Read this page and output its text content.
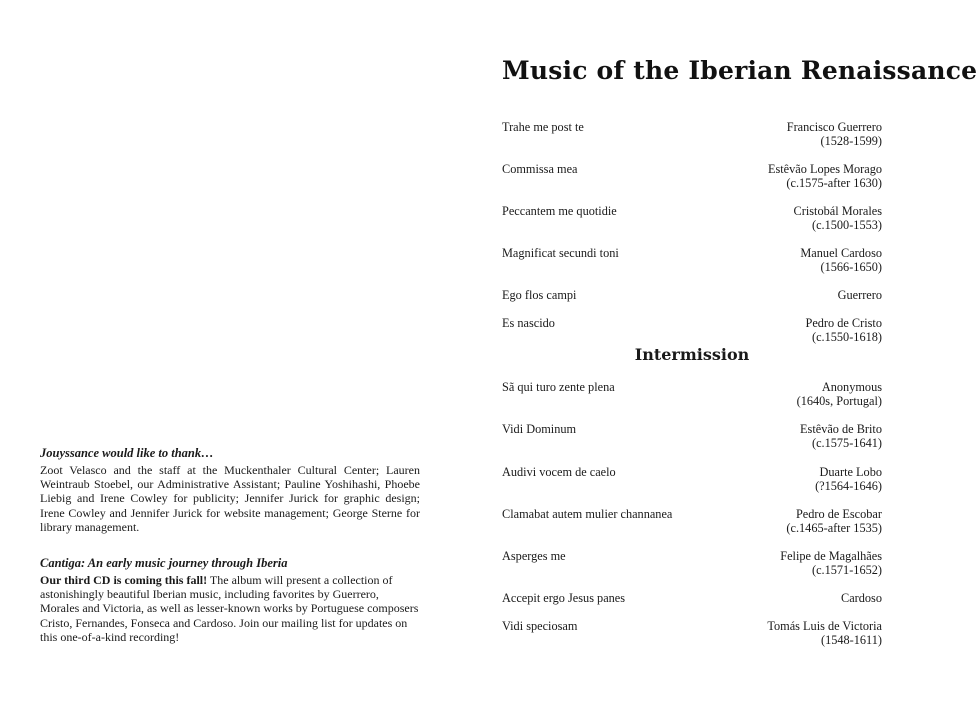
Jouyssance would like to thank…

Zoot Velasco and the staff at the Muckenthaler Cultural Center; Lauren Weintraub Stoebel, our Administrative Assistant; Pauline Yoshihashi, Phoebe Liebig and Irene Cowley for publicity; Jennifer Jurick for graphic design; Irene Cowley and Jennifer Jurick for website management; George Sterne for library management.

Cantiga: An early music journey through Iberia

Our third CD is coming this fall! The album will present a collection of astonishingly beautiful Iberian music, including favorites by Guerrero, Morales and Victoria, as well as lesser-known works by Portuguese composers Cristo, Fernandes, Fonseca and Cardoso. Join our mailing list for updates on this one-of-a-kind recording!

Music of the Iberian Renaissance
Trahe me post te	Francisco Guerrero
(1528-1599)
Commissa mea	Estêvão Lopes Morago
(c.1575-after 1630)
Peccantem me quotidie	Cristobál Morales
(c.1500-1553)
Magnificat secundi toni	Manuel Cardoso
(1566-1650)
Ego flos campi	Guerrero
Es nascido	Pedro de Cristo
(c.1550-1618)
Intermission
Sã qui turo zente plena	Anonymous
(1640s, Portugal)
Vidi Dominum	Estêvão de Brito
(c.1575-1641)
Audivi vocem de caelo	Duarte Lobo
(?1564-1646)
Clamabat autem mulier channanea	Pedro de Escobar
(c.1465-after 1535)
Asperges me	Felipe de Magalhães
(c.1571-1652)
Accepit ergo Jesus panes	Cardoso
Vidi speciosam	Tomás Luis de Victoria
(1548-1611)
